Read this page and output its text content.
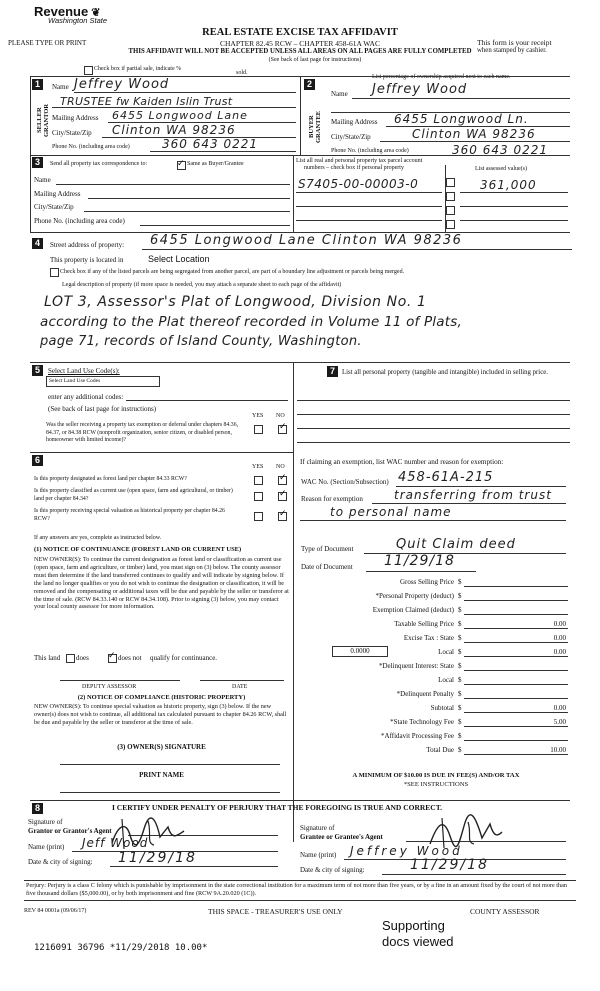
Revenue ❦
Washington State
PLEASE TYPE OR PRINT
REAL ESTATE EXCISE TAX AFFIDAVIT
CHAPTER 82.45 RCW – CHAPTER 458-61A WAC
THIS AFFIDAVIT WILL NOT BE ACCEPTED UNLESS ALL AREAS ON ALL PAGES ARE FULLY COMPLETED
(See back of last page for instructions)
This form is your receipt
when stamped by cashier.
Check box if partial sale, indicate %
sold.
List percentage of ownership acquired next to each name.
1
SELLER GRANTOR
Name Jeffrey Wood
TRUSTEE fw Kaiden Islin Trust
Mailing Address 6455 Longwood Lane
City/State/Zip Clinton WA 98236
Phone No. (including area code)	360 643 0221
2
BUYER GRANTEE
Name Jeffrey Wood
Mailing Address 6455 Longwood Ln.
City/State/Zip	Clinton WA 98236
Phone No. (including area code)	360 643 0221
3	Send all property tax correspondence to:	✓ Same as Buyer/Grantee
Name
Mailing Address
City/State/Zip
Phone No. (including area code)
List all real and personal property tax parcel account
numbers – check box if personal property	List assessed value(s)
S7405-00-00003-0	361,000
4	Street address of property: 6455 Longwood Lane Clinton WA 98236
This property is located in	Select Location
Check box if any of the listed parcels are being segregated from another parcel, are part of a boundary line adjustment or parcels being merged.
Legal description of property (if more space is needed, you may attach a separate sheet to each page of the affidavit)
LOT 3, Assessor's Plat of Longwood, Division No. 1
according to the Plat thereof recorded in Volume 11 of Plats,
page 71, records of Island County, Washington.
5	Select Land Use Code(s):
Select Land Use Codes
enter any additional codes:
(See back of last page for instructions)
YES NO
Was the seller receiving a property tax exemption or deferral under chapters 84.36, 84.37, or 84.38 RCW (nonprofit organization, senior citizen, or disabled person, homeowner with limited income)?
✓
7	List all personal property (tangible and intangible) included in selling price.
If claiming an exemption, list WAC number and reason for exemption:
WAC No. (Section/Subsection) 458-61A-215
Reason for exemption	transferring from trust
to personal name
Type of Document	Quit Claim deed
Date of Document 11/29/18
Gross Selling Price $
*Personal Property (deduct) $
Exemption Claimed (deduct) $
Taxable Selling Price $	0.00
Excise Tax : State $	0.00
0.0000	Local $	0.00
*Delinquent Interest: State $
Local $
*Delinquent Penalty $
Subtotal $	0.00
*State Technology Fee $	5.00
*Affidavit Processing Fee $
Total Due $	10.00
A MINIMUM OF $10.00 IS DUE IN FEE(S) AND/OR TAX
*SEE INSTRUCTIONS
6
YES NO
Is this property designated as forest land per chapter 84.33 RCW?	✓
Is this property classified as current use (open space, farm and agricultural, or timber) land per chapter 84.34?	✓
Is this property receiving special valuation as historical property per chapter 84.26 RCW?	✓
If any answers are yes, complete as instructed below.
(1) NOTICE OF CONTINUANCE (FOREST LAND OR CURRENT USE)
NEW OWNER(S): To continue the current designation as forest land or classification as current use (open space, farm and agriculture, or timber) land, you must sign on (3) below. The county assessor must then determine if the land transferred continues to qualify and will indicate by signing below. If the land no longer qualifies or you do not wish to continue the designation or classification, it will be removed and the compensating or additional taxes will be due and payable by the seller or transferor at the time of sale. (RCW 84.33.140 or RCW 84.34.108). Prior to signing (3) below, you may contact your local county assessor for more information.
This land does ✓ does not qualify for continuance.
DEPUTY ASSESSOR	DATE
(2) NOTICE OF COMPLIANCE (HISTORIC PROPERTY)
NEW OWNER(S): To continue special valuation as historic property, sign (3) below. If the new owner(s) does not wish to continue, all additional tax calculated pursuant to chapter 84.26 RCW, shall be due and payable by the seller or transferor at the time of sale.
(3) OWNER(S) SIGNATURE
PRINT NAME
8	I CERTIFY UNDER PENALTY OF PERJURY THAT THE FOREGOING IS TRUE AND CORRECT.
Signature of
Grantor or Grantor's Agent
Name (print) Jeff Wood
Date & city of signing: 11/29/18
Signature of
Grantee or Grantee's Agent
Name (print) Jeffrey Wood
Date & city of signing:	11/29/18
Perjury: Perjury is a class C felony which is punishable by imprisonment in the state correctional institution for a maximum term of not more than five years, or by a fine in an amount fixed by the court of not more than five thousand dollars ($5,000.00), or by both imprisonment and fine (RCW 9A.20.020 (1C)).
REV 84 0001a (09/06/17)	THIS SPACE - TREASURER'S USE ONLY	COUNTY ASSESSOR
Supporting
docs viewed
1216091 36796 *11/29/2018 10.00*
